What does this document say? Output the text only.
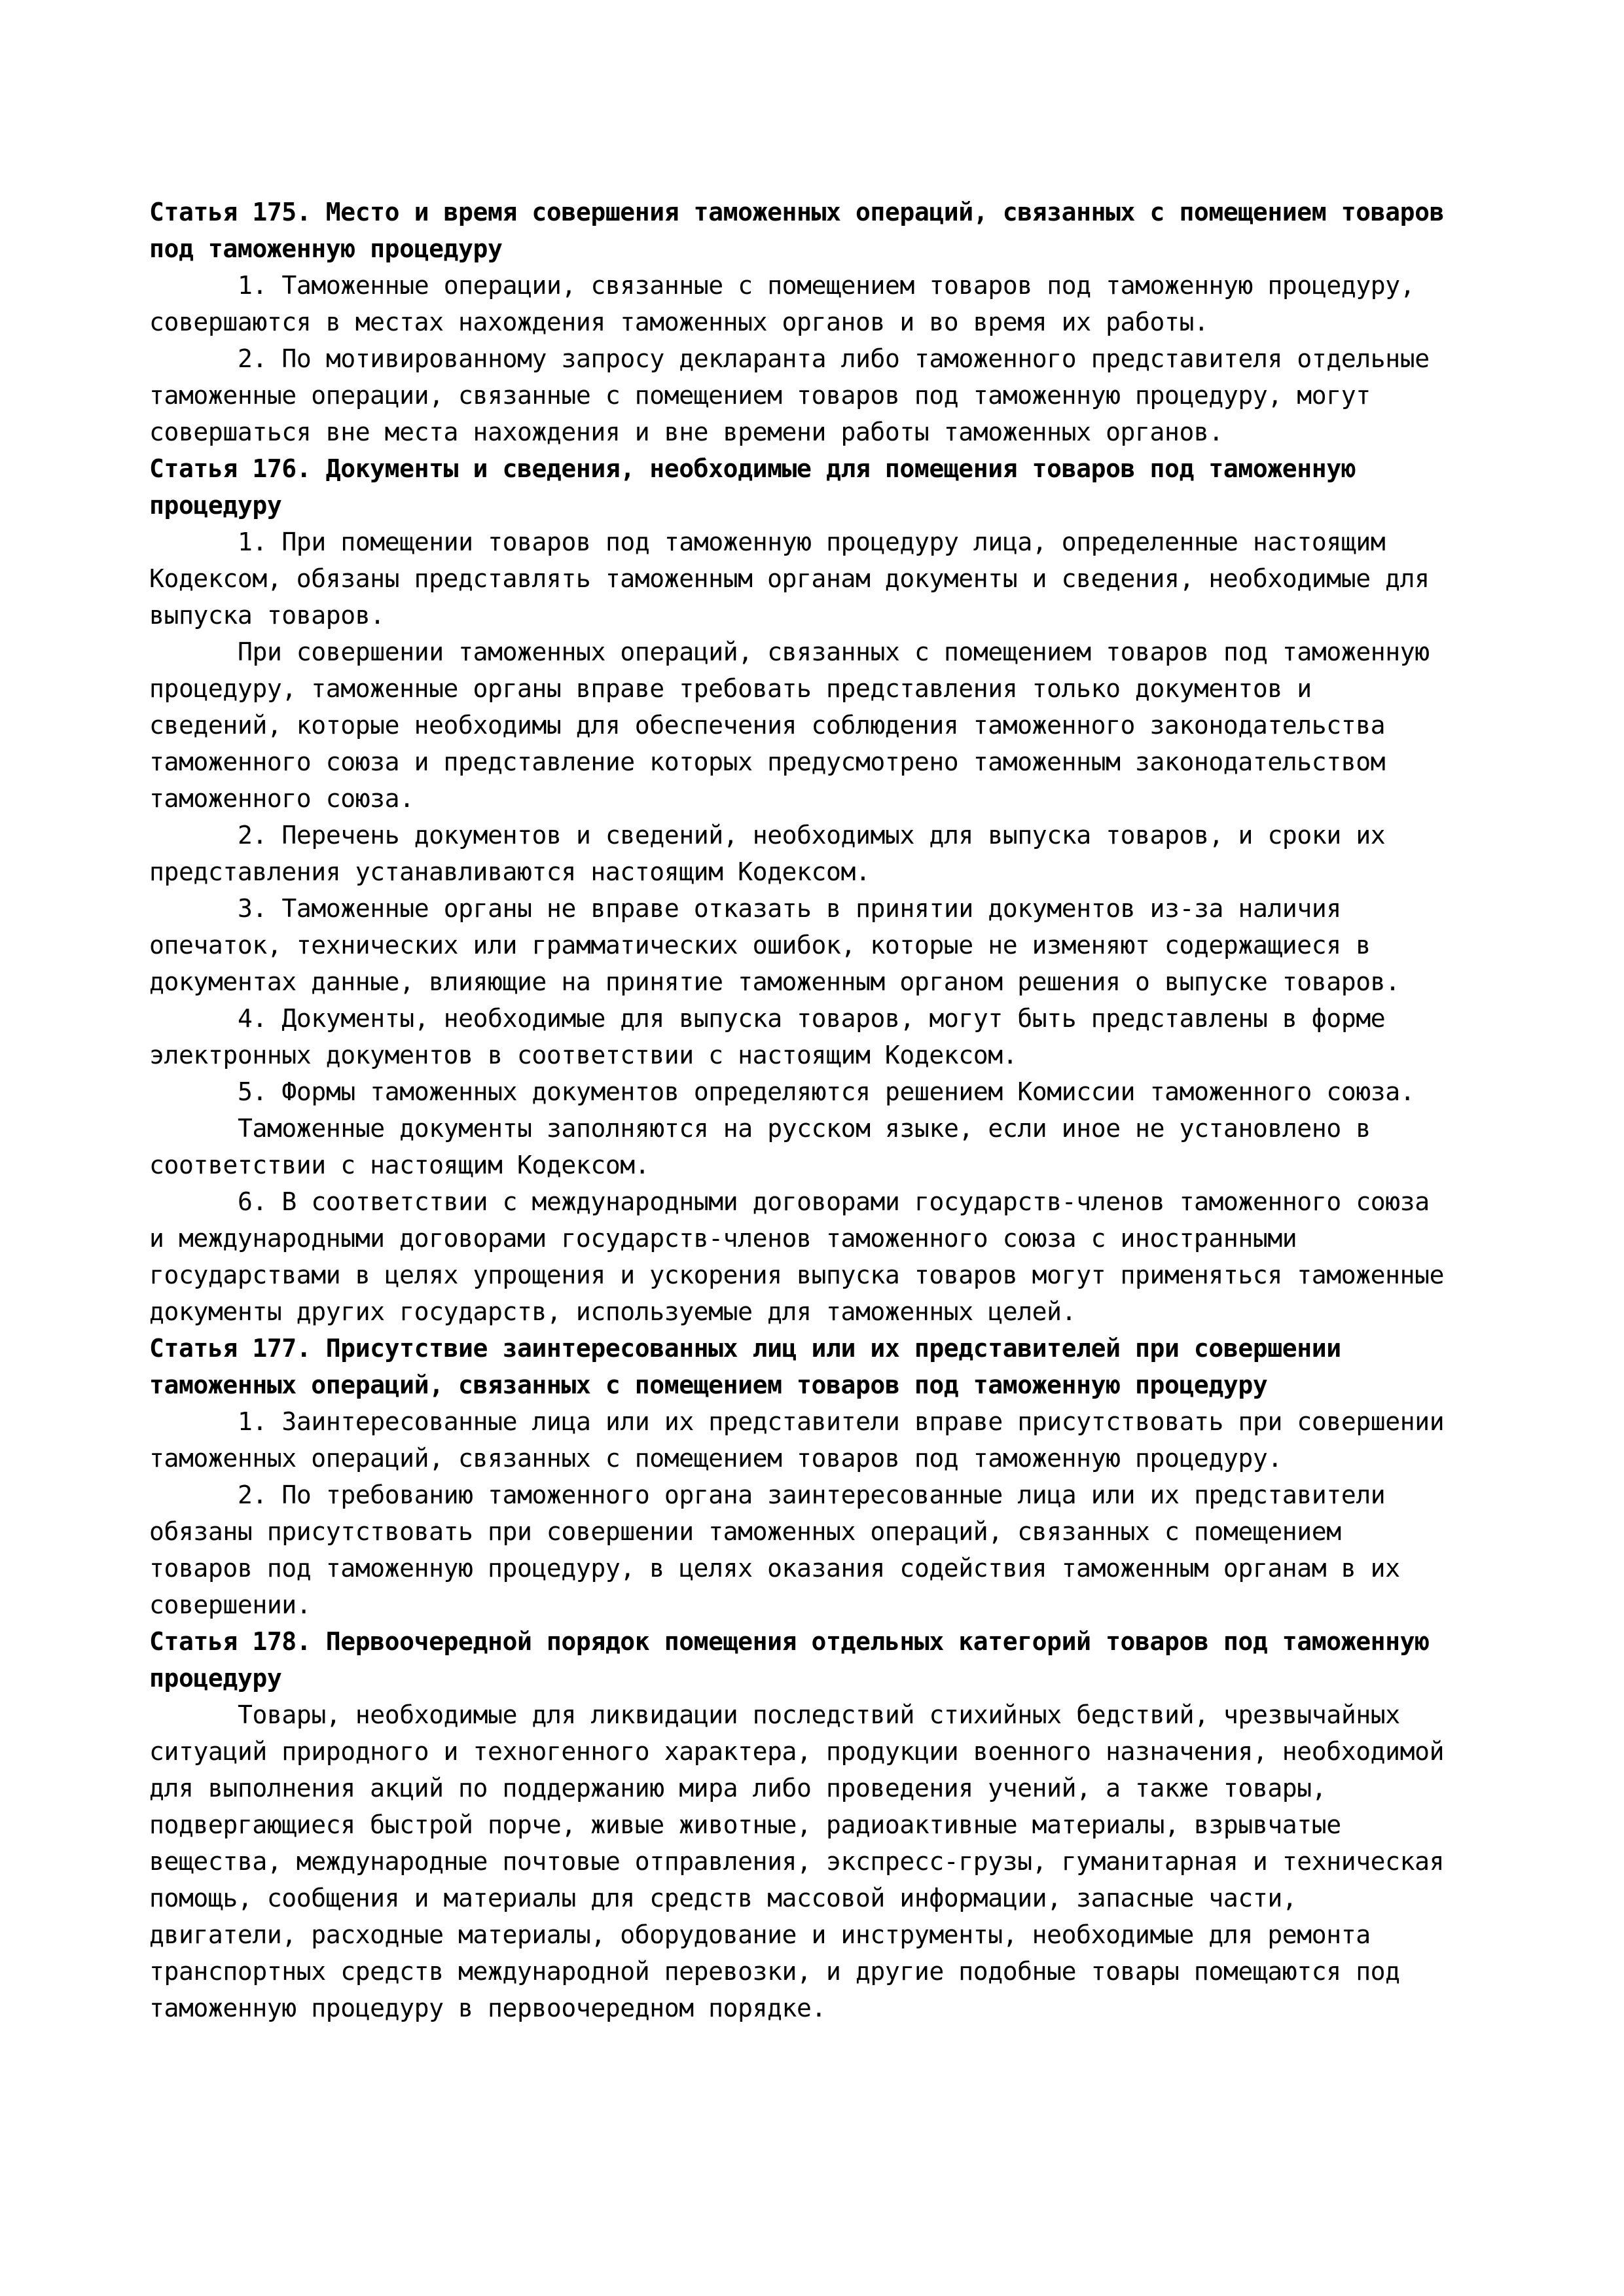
Статья 175. Место и время совершения таможенных операций, связанных с помещением товаров под таможенную процедуру

1. Таможенные операции, связанные с помещением товаров под таможенную процедуру, совершаются в местах нахождения таможенных органов и во время их работы.

2. По мотивированному запросу декларанта либо таможенного представителя отдельные таможенные операции, связанные с помещением товаров под таможенную процедуру, могут совершаться вне места нахождения и вне времени работы таможенных органов.

Статья 176. Документы и сведения, необходимые для помещения товаров под таможенную процедуру

1. При помещении товаров под таможенную процедуру лица, определенные настоящим Кодексом, обязаны представлять таможенным органам документы и сведения, необходимые для выпуска товаров.

При совершении таможенных операций, связанных с помещением товаров под таможенную процедуру, таможенные органы вправе требовать представления только документов и сведений, которые необходимы для обеспечения соблюдения таможенного законодательства таможенного союза и представление которых предусмотрено таможенным законодательством таможенного союза.

2. Перечень документов и сведений, необходимых для выпуска товаров, и сроки их представления устанавливаются настоящим Кодексом.

3. Таможенные органы не вправе отказать в принятии документов из-за наличия опечаток, технических или грамматических ошибок, которые не изменяют содержащиеся в документах данные, влияющие на принятие таможенным органом решения о выпуске товаров.

4. Документы, необходимые для выпуска товаров, могут быть представлены в форме электронных документов в соответствии с настоящим Кодексом.

5. Формы таможенных документов определяются решением Комиссии таможенного союза.

Таможенные документы заполняются на русском языке, если иное не установлено в соответствии с настоящим Кодексом.

6. В соответствии с международными договорами государств-членов таможенного союза и международными договорами государств-членов таможенного союза с иностранными государствами в целях упрощения и ускорения выпуска товаров могут применяться таможенные документы других государств, используемые для таможенных целей.

Статья 177. Присутствие заинтересованных лиц или их представителей при совершении таможенных операций, связанных с помещением товаров под таможенную процедуру

1. Заинтересованные лица или их представители вправе присутствовать при совершении таможенных операций, связанных с помещением товаров под таможенную процедуру.

2. По требованию таможенного органа заинтересованные лица или их представители обязаны присутствовать при совершении таможенных операций, связанных с помещением товаров под таможенную процедуру, в целях оказания содействия таможенным органам в их совершении.

Статья 178. Первоочередной порядок помещения отдельных категорий товаров под таможенную процедуру

Товары, необходимые для ликвидации последствий стихийных бедствий, чрезвычайных ситуаций природного и техногенного характера, продукции военного назначения, необходимой для выполнения акций по поддержанию мира либо проведения учений, а также товары, подвергающиеся быстрой порче, живые животные, радиоактивные материалы, взрывчатые вещества, международные почтовые отправления, экспресс-грузы, гуманитарная и техническая помощь, сообщения и материалы для средств массовой информации, запасные части, двигатели, расходные материалы, оборудование и инструменты, необходимые для ремонта транспортных средств международной перевозки, и другие подобные товары помещаются под таможенную процедуру в первоочередном порядке.
